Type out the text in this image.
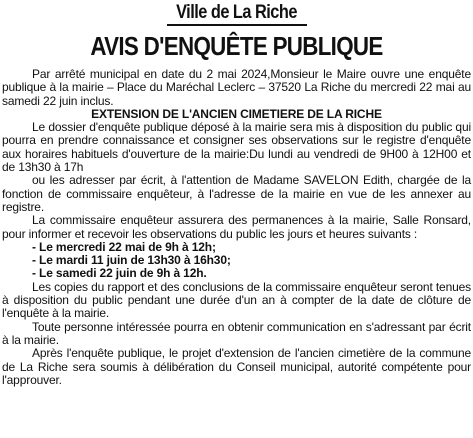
Ville de La Riche
AVIS D'ENQUÊTE PUBLIQUE

Par arrêté municipal en date du 2 mai 2024,Monsieur le Maire ouvre une enquête publique à la mairie – Place du Maréchal Leclerc – 37520 La Riche du mercredi 22 mai au samedi 22 juin inclus.

EXTENSION DE L'ANCIEN CIMETIERE DE LA RICHE

Le dossier d'enquête publique déposé à la mairie sera mis à disposition du public qui pourra en prendre connaissance et consigner ses observations sur le registre d'enquête aux horaires habituels d'ouverture de la mairie:Du lundi au vendredi de 9H00 à 12H00 et de 13h30 à 17h

ou les adresser par écrit, à l'attention de Madame SAVELON Edith, chargée de la fonction de commissaire enquêteur, à l'adresse de la mairie en vue de les annexer au registre.

La commissaire enquêteur assurera des permanences à la mairie, Salle Ronsard, pour informer et recevoir les observations du public les jours et heures suivants :

- Le mercredi 22 mai de 9h à 12h;
- Le mardi 11 juin de 13h30 à 16h30;
- Le samedi 22 juin de 9h à 12h.

Les copies du rapport et des conclusions de la commissaire enquêteur seront tenues à disposition du public pendant une durée d'un an à compter de la date de clôture de l'enquête à la mairie.

Toute personne intéressée pourra en obtenir communication en s'adressant par écrit à la mairie.

Après l'enquête publique, le projet d'extension de l'ancien cimetière de la commune de La Riche sera soumis à délibération du Conseil municipal, autorité compétente pour l'approuver.
